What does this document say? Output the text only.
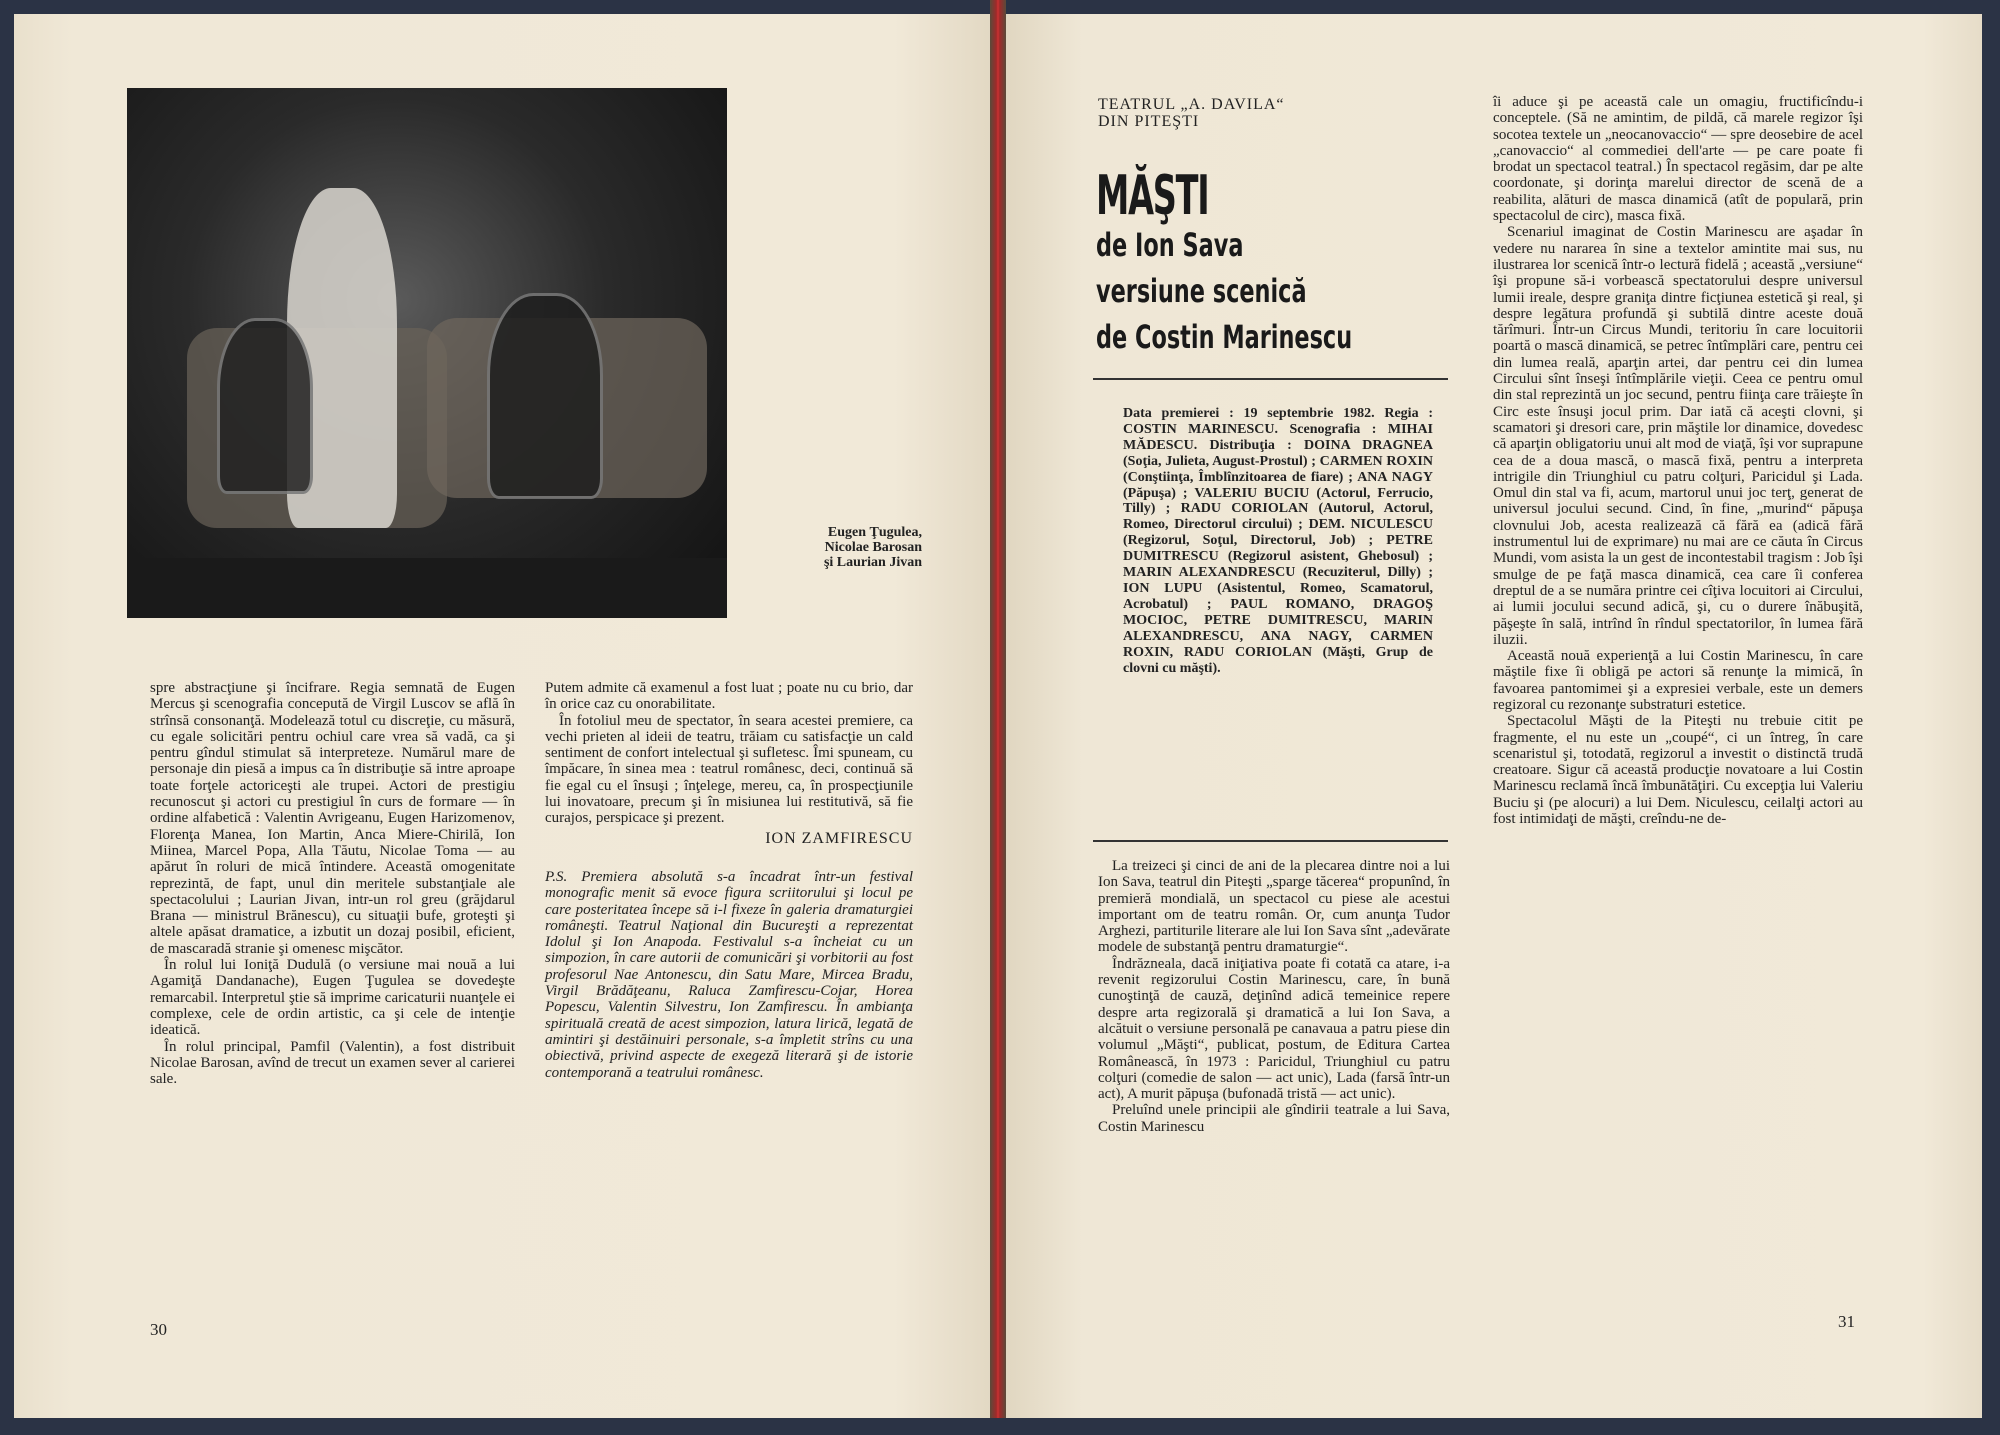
Eugen Ţugulea,
Nicolae Barosan
şi Laurian Jivan

spre abstracţiune şi încifrare. Regia semnată de Eugen Mercus şi scenografia concepută de Virgil Luscov se află în strînsă consonanţă. Modelează totul cu discreţie, cu măsură, cu egale solicitări pentru ochiul care vrea să vadă, ca şi pentru gîndul stimulat să interpreteze. Numărul mare de personaje din piesă a impus ca în distribuţie să intre aproape toate forţele actoriceşti ale trupei. Actori de prestigiu recunoscut şi actori cu prestigiul în curs de formare — în ordine alfabetică : Valentin Avrigeanu, Eugen Harizomenov, Florenţa Manea, Ion Martin, Anca Miere-Chirilă, Ion Miinea, Marcel Popa, Alla Tăutu, Nicolae Toma — au apărut în roluri de mică întindere. Această omogenitate reprezintă, de fapt, unul din meritele substanţiale ale spectacolului ; Laurian Jivan, intr-un rol greu (grăjdarul Brana — ministrul Brănescu), cu situaţii bufe, groteşti şi altele apăsat dramatice, a izbutit un dozaj posibil, eficient, de mascaradă stranie şi omenesc mişcător.

În rolul lui Ioniţă Dudulă (o versiune mai nouă a lui Agamiţă Dandanache), Eugen Ţugulea se dovedeşte remarcabil. Interpretul ştie să imprime caricaturii nuanţele ei complexe, cele de ordin artistic, ca şi cele de intenţie ideatică.

În rolul principal, Pamfil (Valentin), a fost distribuit Nicolae Barosan, avînd de trecut un examen sever al carierei sale.

Putem admite că examenul a fost luat ; poate nu cu brio, dar în orice caz cu onorabilitate.

În fotoliul meu de spectator, în seara acestei premiere, ca vechi prieten al ideii de teatru, trăiam cu satisfacţie un cald sentiment de confort intelectual şi sufletesc. Îmi spuneam, cu împăcare, în sinea mea : teatrul românesc, deci, continuă să fie egal cu el însuşi ; înţelege, mereu, ca, în prospecţiunile lui inovatoare, precum şi în misiunea lui restitutivă, să fie curajos, perspicace şi prezent.

ION ZAMFIRESCU

P.S. Premiera absolută s-a încadrat într-un festival monografic menit să evoce figura scriitorului şi locul pe care posteritatea începe să i-l fixeze în galeria dramaturgiei româneşti. Teatrul Naţional din Bucureşti a reprezentat Idolul şi Ion Anapoda. Festivalul s-a încheiat cu un simpozion, în care autorii de comunicări şi vorbitorii au fost profesorul Nae Antonescu, din Satu Mare, Mircea Bradu, Virgil Brădăţeanu, Raluca Zamfirescu-Cojar, Horea Popescu, Valentin Silvestru, Ion Zamfirescu. În ambianţa spirituală creată de acest simpozion, latura lirică, legată de amintiri şi destăinuiri personale, s-a împletit strîns cu una obiectivă, privind aspecte de exegeză literară şi de istorie contemporană a teatrului românesc.

30
TEATRUL „A. DAVILA“
DIN PITEŞTI
MĂŞTI
de Ion Sava
versiune scenică
de Costin Marinescu
Data premierei : 19 septembrie 1982. Regia : COSTIN MARINESCU. Scenografia : MIHAI MĂDESCU. Distribuţia : DOINA DRAGNEA (Soţia, Julieta, August-Prostul) ; CARMEN ROXIN (Conştiinţa, Îmblînzitoarea de fiare) ; ANA NAGY (Păpuşa) ; VALERIU BUCIU (Actorul, Ferrucio, Tilly) ; RADU CORIOLAN (Autorul, Actorul, Romeo, Directorul circului) ; DEM. NICULESCU (Regizorul, Soţul, Directorul, Job) ; PETRE DUMITRESCU (Regizorul asistent, Ghebosul) ; MARIN ALEXANDRESCU (Recuziterul, Dilly) ; ION LUPU (Asistentul, Romeo, Scamatorul, Acrobatul) ; PAUL ROMANO, DRAGOŞ MOCIOC, PETRE DUMITRESCU, MARIN ALEXANDRESCU, ANA NAGY, CARMEN ROXIN, RADU CORIOLAN (Măşti, Grup de clovni cu măşti).

La treizeci şi cinci de ani de la plecarea dintre noi a lui Ion Sava, teatrul din Piteşti „sparge tăcerea“ propunînd, în premieră mondială, un spectacol cu piese ale acestui important om de teatru român. Or, cum anunţa Tudor Arghezi, partiturile literare ale lui Ion Sava sînt „adevărate modele de substanţă pentru dramaturgie“.

Îndrăzneala, dacă iniţiativa poate fi cotată ca atare, i-a revenit regizorului Costin Marinescu, care, în bună cunoştinţă de cauză, deţinînd adică temeinice repere despre arta regizorală şi dramatică a lui Ion Sava, a alcătuit o versiune personală pe canavaua a patru piese din volumul „Măşti“, publicat, postum, de Editura Cartea Românească, în 1973 : Paricidul, Triunghiul cu patru colţuri (comedie de salon — act unic), Lada (farsă într-un act), A murit păpuşa (bufonadă tristă — act unic).

Preluînd unele principii ale gîndirii teatrale a lui Sava, Costin Marinescu

îi aduce şi pe această cale un omagiu, fructificîndu-i conceptele. (Să ne amintim, de pildă, că marele regizor îşi socotea textele un „neocanovaccio“ — spre deosebire de acel „canovaccio“ al commediei dell'arte — pe care poate fi brodat un spectacol teatral.) În spectacol regăsim, dar pe alte coordonate, şi dorinţa marelui director de scenă de a reabilita, alături de masca dinamică (atît de populară, prin spectacolul de circ), masca fixă.

Scenariul imaginat de Costin Marinescu are aşadar în vedere nu nararea în sine a textelor amintite mai sus, nu ilustrarea lor scenică într-o lectură fidelă ; această „versiune“ îşi propune să-i vorbească spectatorului despre universul lumii ireale, despre graniţa dintre ficţiunea estetică şi real, şi despre legătura profundă şi subtilă dintre aceste două tărîmuri. Într-un Circus Mundi, teritoriu în care locuitorii poartă o mască dinamică, se petrec întîmplări care, pentru cei din lumea reală, aparţin artei, dar pentru cei din lumea Circului sînt înseşi întîmplările vieţii. Ceea ce pentru omul din stal reprezintă un joc secund, pentru fiinţa care trăieşte în Circ este însuşi jocul prim. Dar iată că aceşti clovni, şi scamatori şi dresori care, prin măştile lor dinamice, dovedesc că aparţin obligatoriu unui alt mod de viaţă, îşi vor suprapune cea de a doua mască, o mască fixă, pentru a interpreta intrigile din Triunghiul cu patru colţuri, Paricidul şi Lada. Omul din stal va fi, acum, martorul unui joc terţ, generat de universul jocului secund. Cind, în fine, „murind“ păpuşa clovnului Job, acesta realizează că fără ea (adică fără instrumentul lui de exprimare) nu mai are ce căuta în Circus Mundi, vom asista la un gest de incontestabil tragism : Job îşi smulge de pe faţă masca dinamică, cea care îi conferea dreptul de a se număra printre cei cîţiva locuitori ai Circului, ai lumii jocului secund adică, şi, cu o durere înăbuşită, păşeşte în sală, intrînd în rîndul spectatorilor, în lumea fără iluzii.

Această nouă experienţă a lui Costin Marinescu, în care măştile fixe îi obligă pe actori să renunţe la mimică, în favoarea pantomimei şi a expresiei verbale, este un demers regizoral cu rezonanţe substraturi estetice.

Spectacolul Măşti de la Piteşti nu trebuie citit pe fragmente, el nu este un „coupé“, ci un întreg, în care scenaristul şi, totodată, regizorul a investit o distinctă trudă creatoare. Sigur că această producţie novatoare a lui Costin Marinescu reclamă încă îmbunătăţiri. Cu excepţia lui Valeriu Buciu şi (pe alocuri) a lui Dem. Niculescu, ceilalţi actori au fost intimidaţi de măşti, creîndu-ne de-

31
